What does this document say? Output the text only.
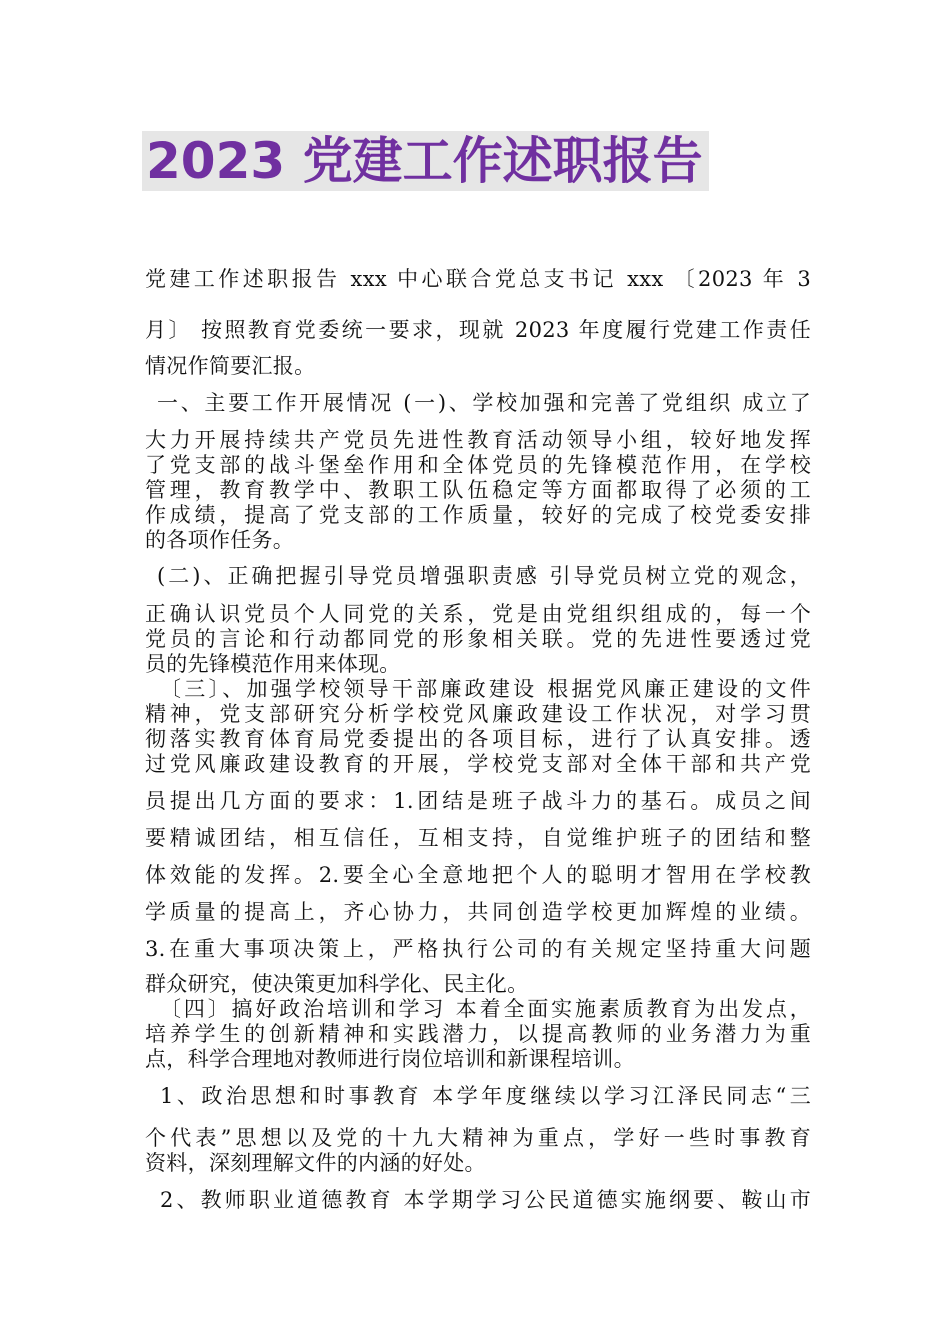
2023 党建工作述职报告
党建工作述职报告 xxx 中心联合党总支书记 xxx 〔2023 年 3
月〕 按照教育党委统一要求，现就 2023 年度履行党建工作责任
情况作简要汇报。
一、主要工作开展情况 (一)、学校加强和完善了党组织 成立了
大力开展持续共产党员先进性教育活动领导小组，较好地发挥
了党支部的战斗堡垒作用和全体党员的先锋模范作用，在学校
管理，教育教学中、教职工队伍稳定等方面都取得了必须的工
作成绩，提高了党支部的工作质量，较好的完成了校党委安排
的各项作任务。
(二)、正确把握引导党员增强职责感 引导党员树立党的观念，
正确认识党员个人同党的关系，党是由党组织组成的，每一个
党员的言论和行动都同党的形象相关联。党的先进性要透过党
员的先锋模范作用来体现。
〔三〕、加强学校领导干部廉政建设 根据党风廉正建设的文件
精神，党支部研究分析学校党风廉政建设工作状况，对学习贯
彻落实教育体育局党委提出的各项目标，进行了认真安排。透
过党风廉政建设教育的开展，学校党支部对全体干部和共产党
员提出几方面的要求：1.团结是班子战斗力的基石。成员之间
要精诚团结，相互信任，互相支持，自觉维护班子的团结和整
体效能的发挥。2.要全心全意地把个人的聪明才智用在学校教
学质量的提高上，齐心协力，共同创造学校更加辉煌的业绩。
3.在重大事项决策上，严格执行公司的有关规定坚持重大问题
群众研究，使决策更加科学化、民主化。
〔四〕搞好政治培训和学习 本着全面实施素质教育为出发点，
培养学生的创新精神和实践潜力，以提高教师的业务潜力为重
点，科学合理地对教师进行岗位培训和新课程培训。
1、政治思想和时事教育 本学年度继续以学习江泽民同志“三
个代表”思想以及党的十九大精神为重点，学好一些时事教育
资料，深刻理解文件的内涵的好处。
2、教师职业道德教育 本学期学习公民道德实施纲要、鞍山市
